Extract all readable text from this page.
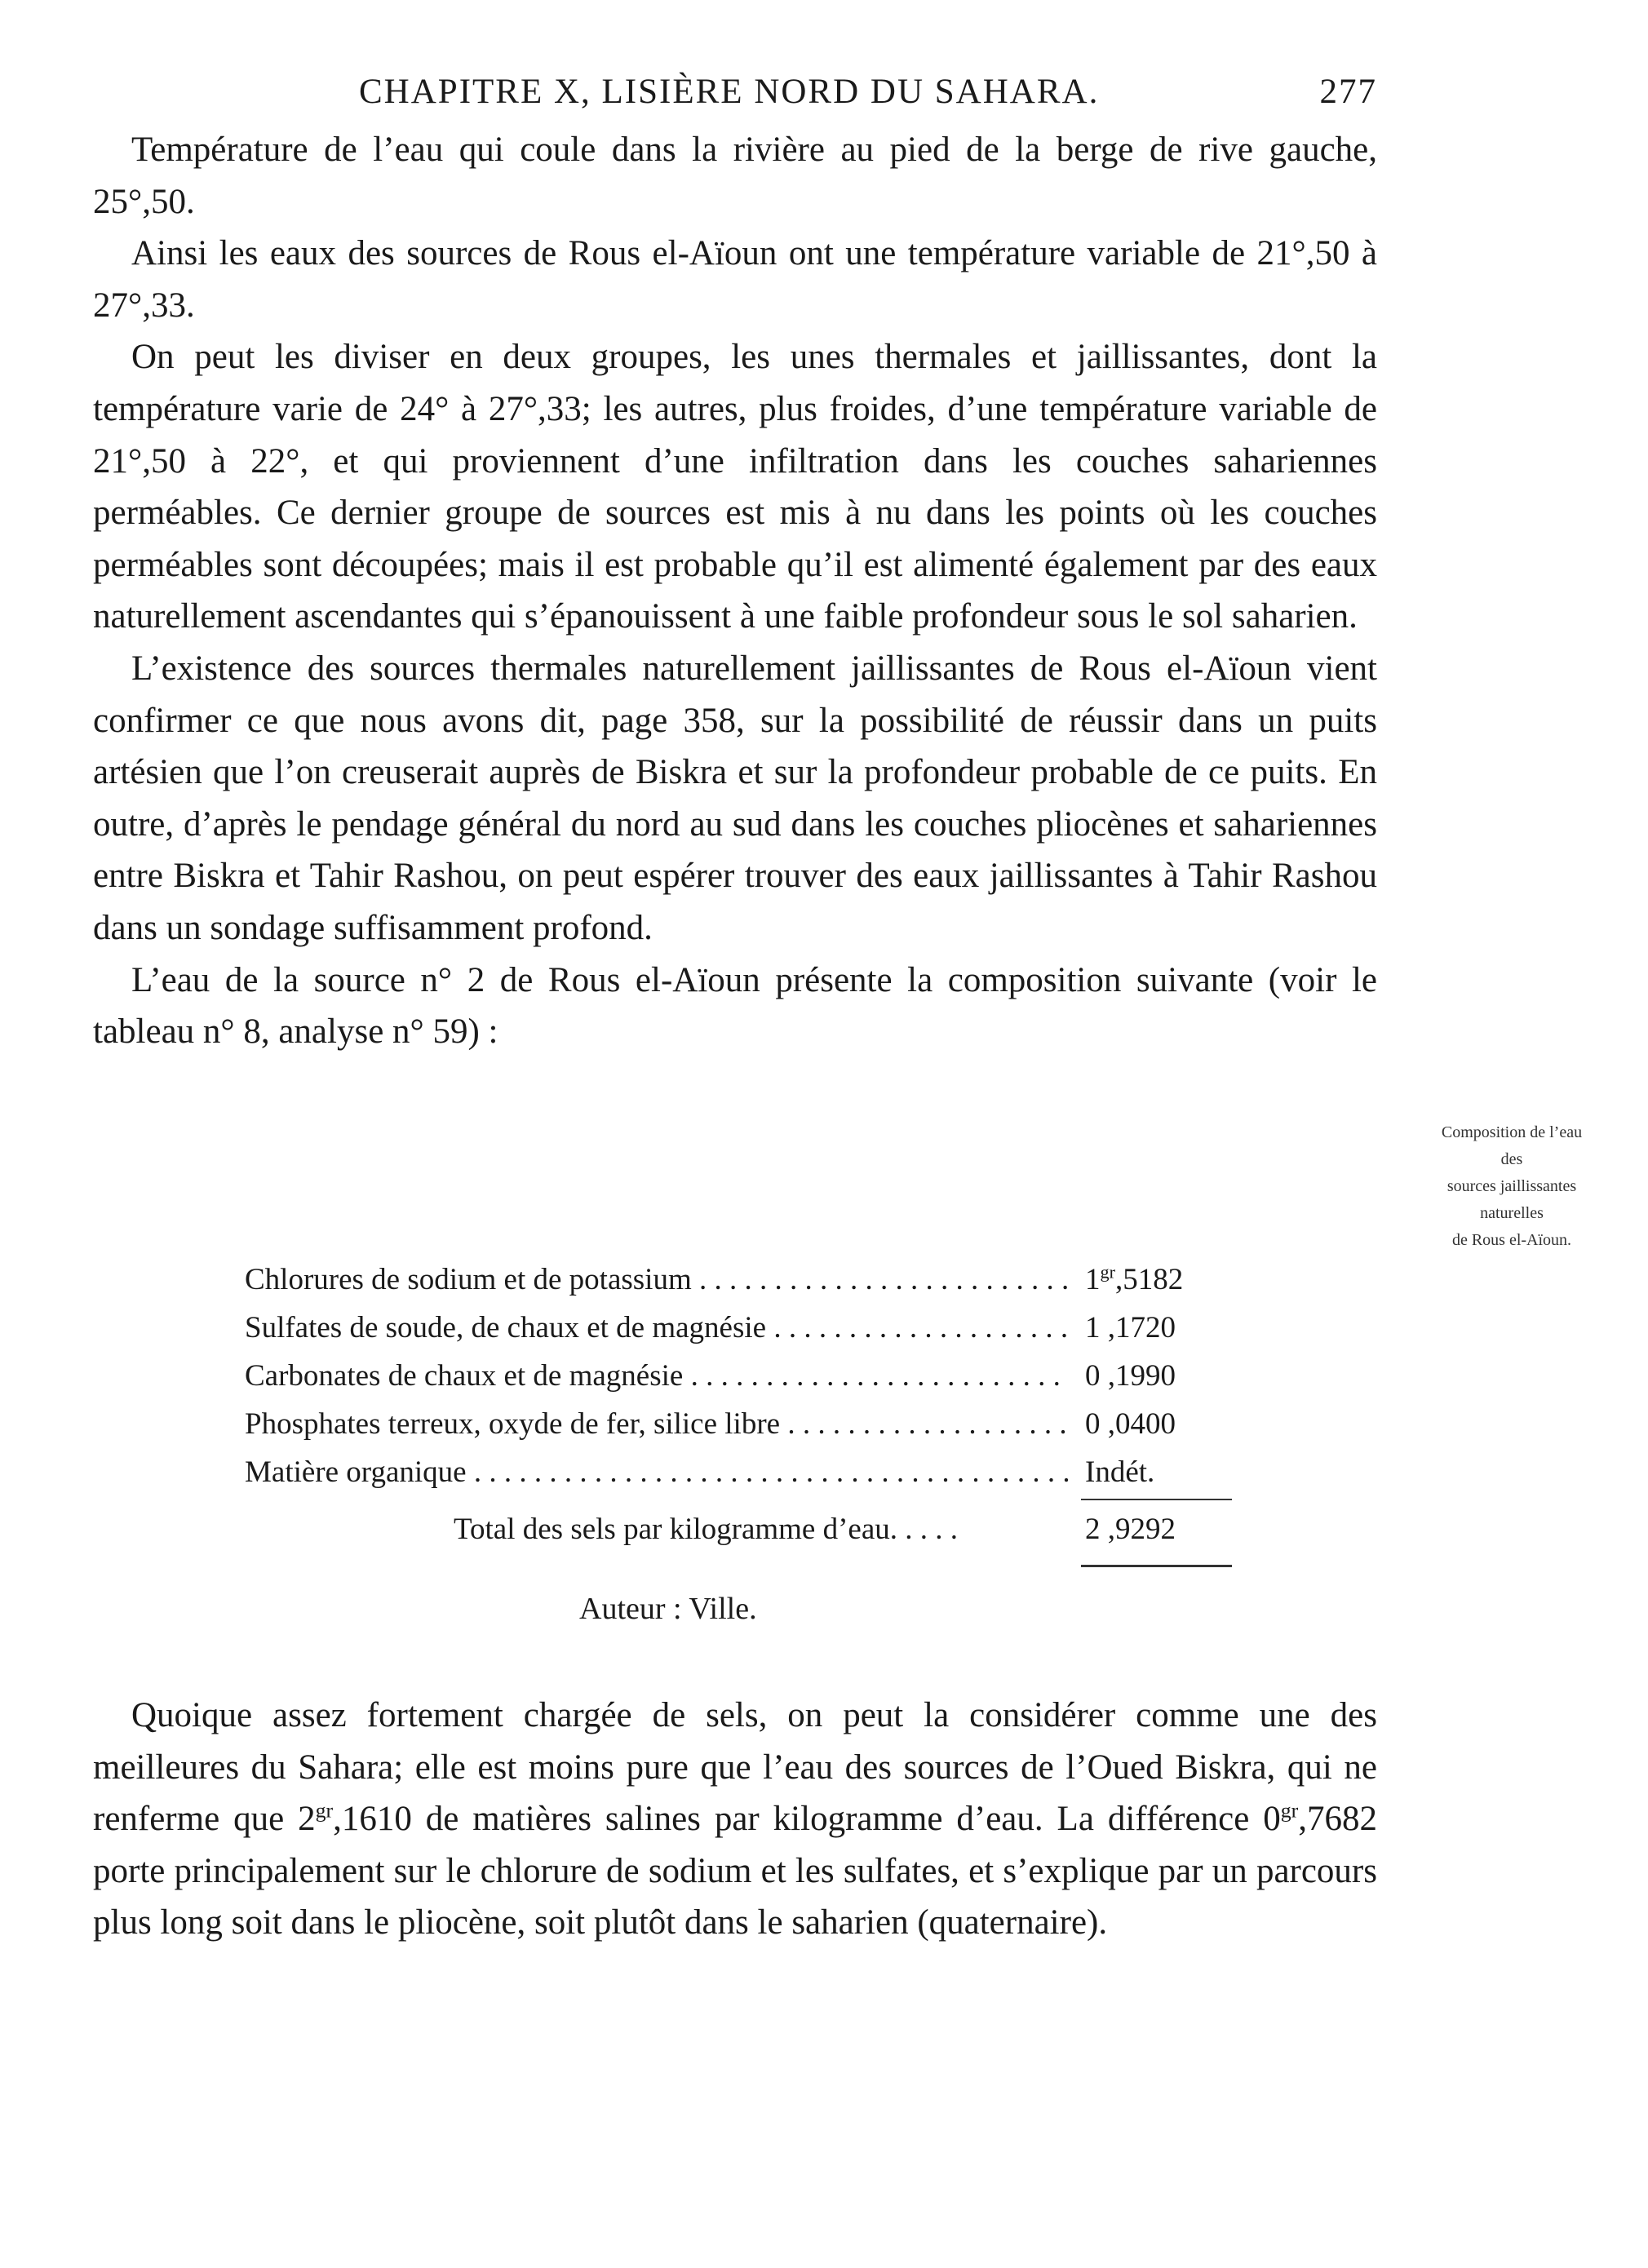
CHAPITRE X, LISIÈRE NORD DU SAHARA.	277

Température de l’eau qui coule dans la rivière au pied de la berge de rive gauche, 25°,50.

Ainsi les eaux des sources de Rous el-Aïoun ont une température variable de 21°,50 à 27°,33.

On peut les diviser en deux groupes, les unes thermales et jaillissantes, dont la température varie de 24° à 27°,33; les autres, plus froides, d’une température variable de 21°,50 à 22°, et qui proviennent d’une infiltration dans les couches sahariennes perméables. Ce dernier groupe de sources est mis à nu dans les points où les couches perméables sont découpées; mais il est probable qu’il est alimenté également par des eaux naturellement ascendantes qui s’épanouissent à une faible profondeur sous le sol saharien.

L’existence des sources thermales naturellement jaillissantes de Rous el-Aïoun vient confirmer ce que nous avons dit, page 358, sur la possibilité de réussir dans un puits artésien que l’on creuserait auprès de Biskra et sur la profondeur probable de ce puits. En outre, d’après le pendage général du nord au sud dans les couches pliocènes et sahariennes entre Biskra et Tahir Rashou, on peut espérer trouver des eaux jaillissantes à Tahir Rashou dans un sondage suffisamment profond.

L’eau de la source n° 2 de Rous el-Aïoun présente la composition suivante (voir le tableau n° 8, analyse n° 59) :

Composition de l’eau
des
sources jaillissantes
naturelles
de Rous el-Aïoun.
Chlorures de sodium et de potassium . . .	$1^{gr},5182$
Sulfates de soude, de chaux et de magnésie . . .	1 ,1720
Carbonates de chaux et de magnésie . . .	0 ,1990
Phosphates terreux, oxyde de fer, silice libre . . .	0 ,0400
Matière organique . . .	Indét.
Total des sels par kilogramme d’eau. . . . .	2 ,9292
Auteur : Ville.

Quoique assez fortement chargée de sels, on peut la considérer comme une des meilleures du Sahara; elle est moins pure que l’eau des sources de l’Oued Biskra, qui ne renferme que $2^{gr},1610$ de matières salines par kilogramme d’eau. La différence $0^{gr},7682$ porte principalement sur le chlorure de sodium et les sulfates, et s’explique par un parcours plus long soit dans le pliocène, soit plutôt dans le saharien (quaternaire).
